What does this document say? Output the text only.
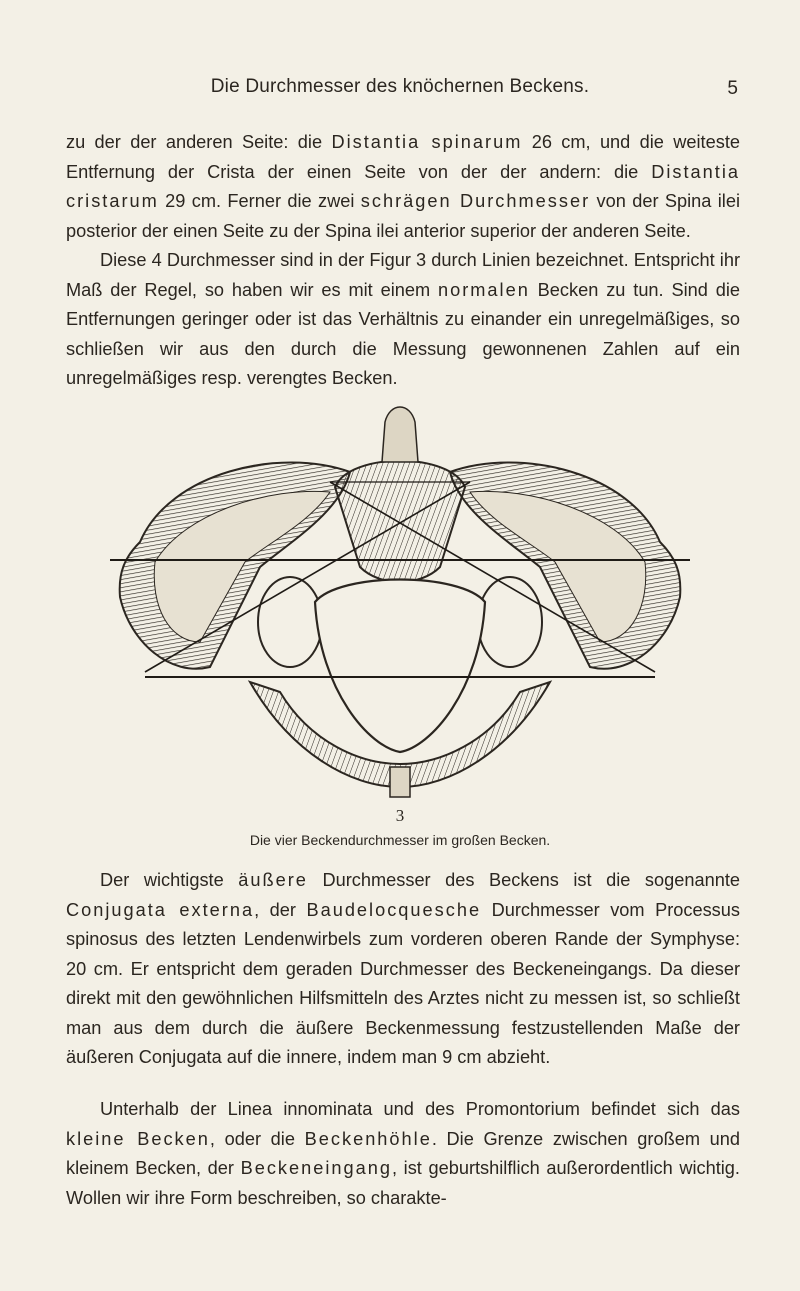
Die Durchmesser des knöchernen Beckens.	5

zu der der anderen Seite: die Distantia spinarum 26 cm, und die weiteste Entfernung der Crista der einen Seite von der der andern: die Distantia cristarum 29 cm. Ferner die zwei schrägen Durchmesser von der Spina ilei posterior der einen Seite zu der Spina ilei anterior superior der anderen Seite.

Diese 4 Durchmesser sind in der Figur 3 durch Linien bezeichnet. Entspricht ihr Maß der Regel, so haben wir es mit einem normalen Becken zu tun. Sind die Entfernungen geringer oder ist das Verhältnis zu einander ein unregelmäßiges, so schließen wir aus den durch die Messung gewonnenen Zahlen auf ein unregelmäßiges resp. verengtes Becken.

3
Die vier Beckendurchmesser im großen Becken.

Der wichtigste äußere Durchmesser des Beckens ist die sogenannte Conjugata externa, der Baudelocquesche Durchmesser vom Processus spinosus des letzten Lendenwirbels zum vorderen oberen Rande der Symphyse: 20 cm. Er entspricht dem geraden Durchmesser des Beckeneingangs. Da dieser direkt mit den gewöhnlichen Hilfsmitteln des Arztes nicht zu messen ist, so schließt man aus dem durch die äußere Beckenmessung festzustellenden Maße der äußeren Conjugata auf die innere, indem man 9 cm abzieht.

Unterhalb der Linea innominata und des Promontorium befindet sich das kleine Becken, oder die Beckenhöhle. Die Grenze zwischen großem und kleinem Becken, der Beckeneingang, ist geburtshilflich außerordentlich wichtig. Wollen wir ihre Form beschreiben, so charakte-
